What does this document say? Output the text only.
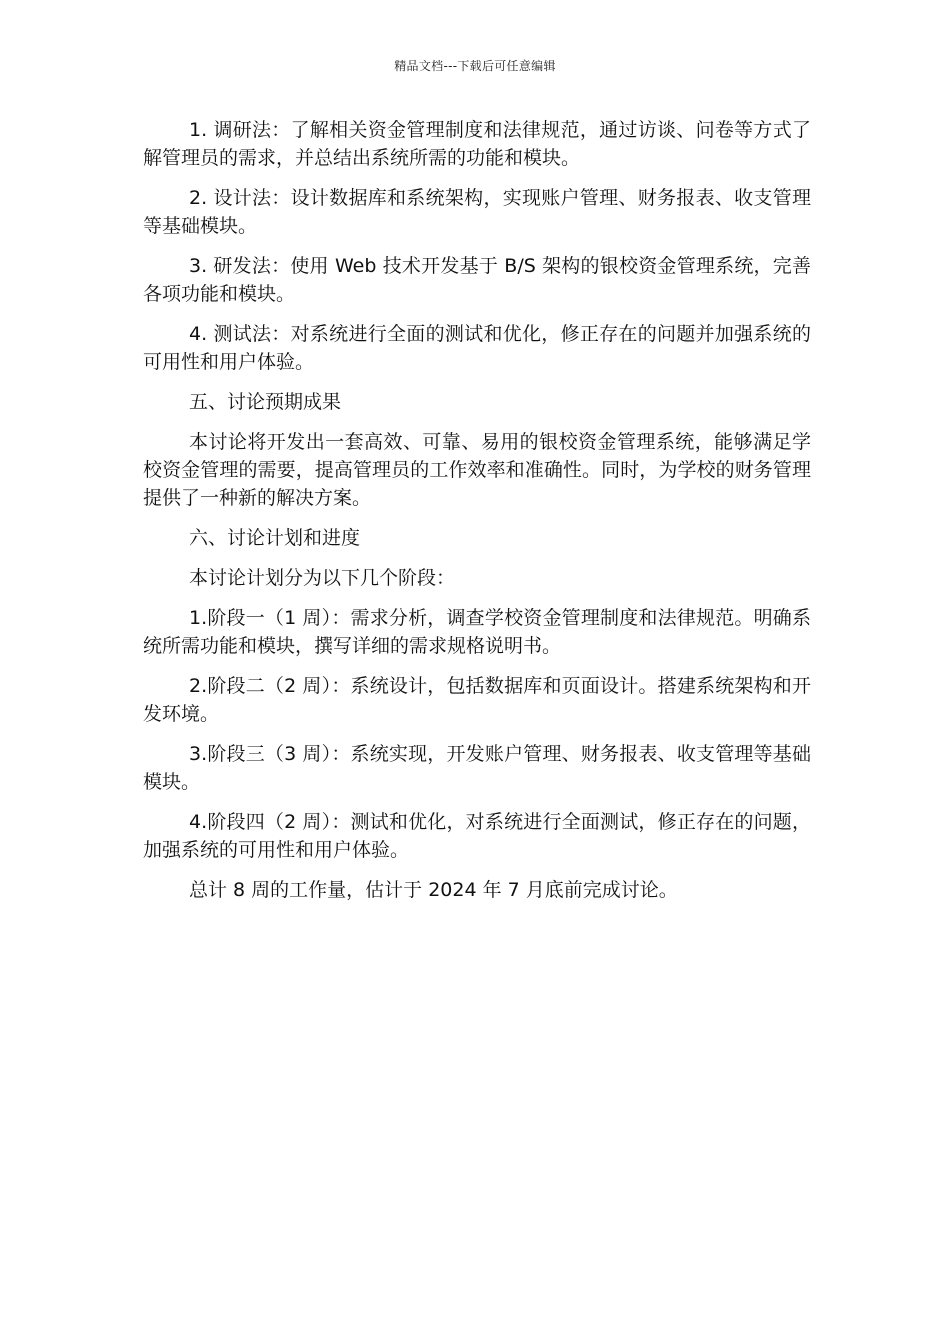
精品文档---下载后可任意编辑

1. 调研法：了解相关资金管理制度和法律规范，通过访谈、问卷等方式了解管理员的需求，并总结出系统所需的功能和模块。

2. 设计法：设计数据库和系统架构，实现账户管理、财务报表、收支管理等基础模块。

3. 研发法：使用 Web 技术开发基于 B/S 架构的银校资金管理系统，完善各项功能和模块。

4. 测试法：对系统进行全面的测试和优化，修正存在的问题并加强系统的可用性和用户体验。

五、讨论预期成果

本讨论将开发出一套高效、可靠、易用的银校资金管理系统，能够满足学校资金管理的需要，提高管理员的工作效率和准确性。同时，为学校的财务管理提供了一种新的解决方案。

六、讨论计划和进度

本讨论计划分为以下几个阶段：

1.阶段一（1 周）：需求分析，调查学校资金管理制度和法律规范。明确系统所需功能和模块，撰写详细的需求规格说明书。

2.阶段二（2 周）：系统设计，包括数据库和页面设计。搭建系统架构和开发环境。

3.阶段三（3 周）：系统实现，开发账户管理、财务报表、收支管理等基础模块。

4.阶段四（2 周）：测试和优化，对系统进行全面测试，修正存在的问题，加强系统的可用性和用户体验。

总计 8 周的工作量，估计于 2024 年 7 月底前完成讨论。
